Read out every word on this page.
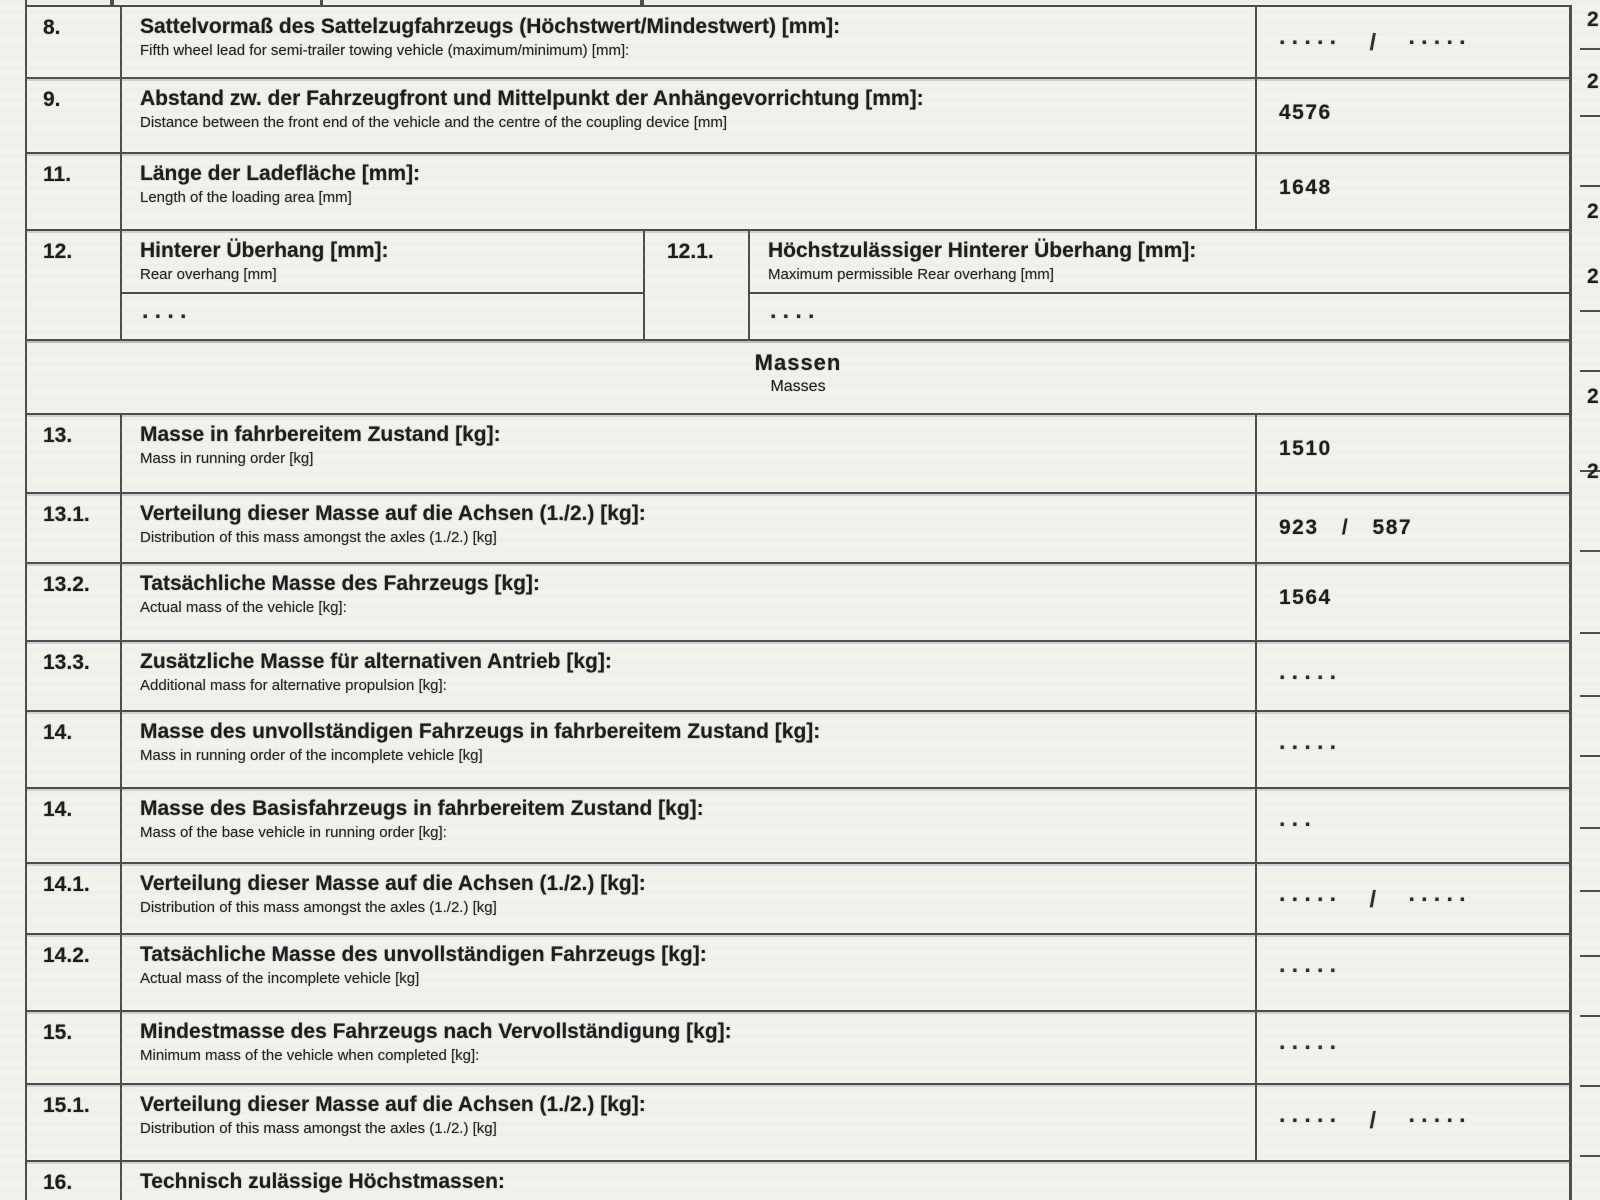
8.	Sattelvormaß des Sattelzugfahrzeugs (Höchstwert/Mindestwert) [mm]:
Fifth wheel lead for semi-trailer towing vehicle (maximum/minimum) [mm]:	····· / ·····
9.	Abstand zw. der Fahrzeugfront und Mittelpunkt der Anhängevorrichtung [mm]:
Distance between the front end of the vehicle and the centre of the coupling device [mm]	4576
11.	Länge der Ladefläche [mm]:
Length of the loading area [mm]	1648
12.	Hinterer Überhang [mm]:
Rear overhang [mm]
····
12.1.	Höchstzulässiger Hinterer Überhang [mm]:
Maximum permissible Rear overhang [mm]
····
Massen
Masses
13.	Masse in fahrbereitem Zustand [kg]:
Mass in running order [kg]	1510
13.1.	Verteilung dieser Masse auf die Achsen (1./2.) [kg]:
Distribution of this mass amongst the axles (1./2.) [kg]	923 / 587
13.2.	Tatsächliche Masse des Fahrzeugs [kg]:
Actual mass of the vehicle [kg]:	1564
13.3.	Zusätzliche Masse für alternativen Antrieb [kg]:
Additional mass for alternative propulsion [kg]:	·····
14.	Masse des unvollständigen Fahrzeugs in fahrbereitem Zustand [kg]:
Mass in running order of the incomplete vehicle [kg]	·····
14.	Masse des Basisfahrzeugs in fahrbereitem Zustand [kg]:
Mass of the base vehicle in running order [kg]:	···
14.1.	Verteilung dieser Masse auf die Achsen (1./2.) [kg]:
Distribution of this mass amongst the axles (1./2.) [kg]	····· / ·····
14.2.	Tatsächliche Masse des unvollständigen Fahrzeugs [kg]:
Actual mass of the incomplete vehicle [kg]	·····
15.	Mindestmasse des Fahrzeugs nach Vervollständigung [kg]:
Minimum mass of the vehicle when completed [kg]:	·····
15.1.	Verteilung dieser Masse auf die Achsen (1./2.) [kg]:
Distribution of this mass amongst the axles (1./2.) [kg]	····· / ·····
16.	Technisch zulässige Höchstmassen:
2
2
2
2
2
2
